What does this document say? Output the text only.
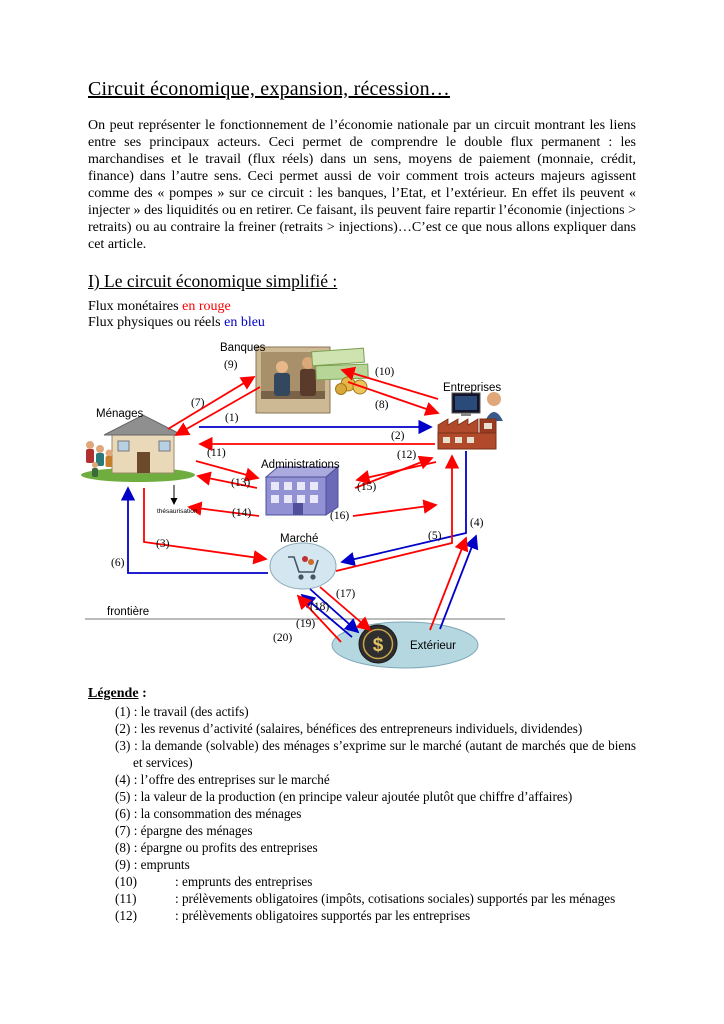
Circuit économique, expansion, récession…

On peut représenter le fonctionnement de l’économie nationale par un circuit montrant les liens entre ses principaux acteurs. Ceci permet de comprendre le double flux permanent : les marchandises et le travail (flux réels) dans un sens, moyens de paiement (monnaie, crédit, finance) dans l’autre sens. Ceci permet aussi de voir comment trois acteurs majeurs agissent comme des « pompes » sur ce circuit : les banques, l’Etat, et l’extérieur. En effet ils peuvent « injecter » des liquidités ou en retirer. Ce faisant, ils peuvent faire repartir l’économie (injections > retraits) ou au contraire la freiner (retraits > injections)…C’est ce que nous allons expliquer dans cet article.

I) Le circuit économique simplifié :

Flux monétaires en rouge

Flux physiques ou réels en bleu

$
Banques
Entreprises
Ménages
Administrations
Marché
Extérieur
frontière
thésaurisation
(9)
(10)
(7)
(1)
(8)
(2)
(11)	(12)
(13)	(15)
(14)	(16)
(4)
(5)
(3)
(6)
(17)
(18)
(19)
(20)

Légende :

(1) : le travail (des actifs)
(2) : les revenus d’activité (salaires, bénéfices des entrepreneurs individuels, dividendes)
(3) : la demande (solvable) des ménages s’exprime sur le marché (autant de marchés que de biens et services)
(4) : l’offre des entreprises sur le marché
(5) : la valeur de la production (en principe valeur ajoutée plutôt que chiffre d’affaires)
(6) : la consommation des ménages
(7) : épargne des ménages
(8) : épargne ou profits des entreprises
(9) : emprunts
(10)	: emprunts des entreprises
(11)	: prélèvements obligatoires (impôts, cotisations sociales) supportés par les ménages
(12)	: prélèvements obligatoires supportés par les entreprises
